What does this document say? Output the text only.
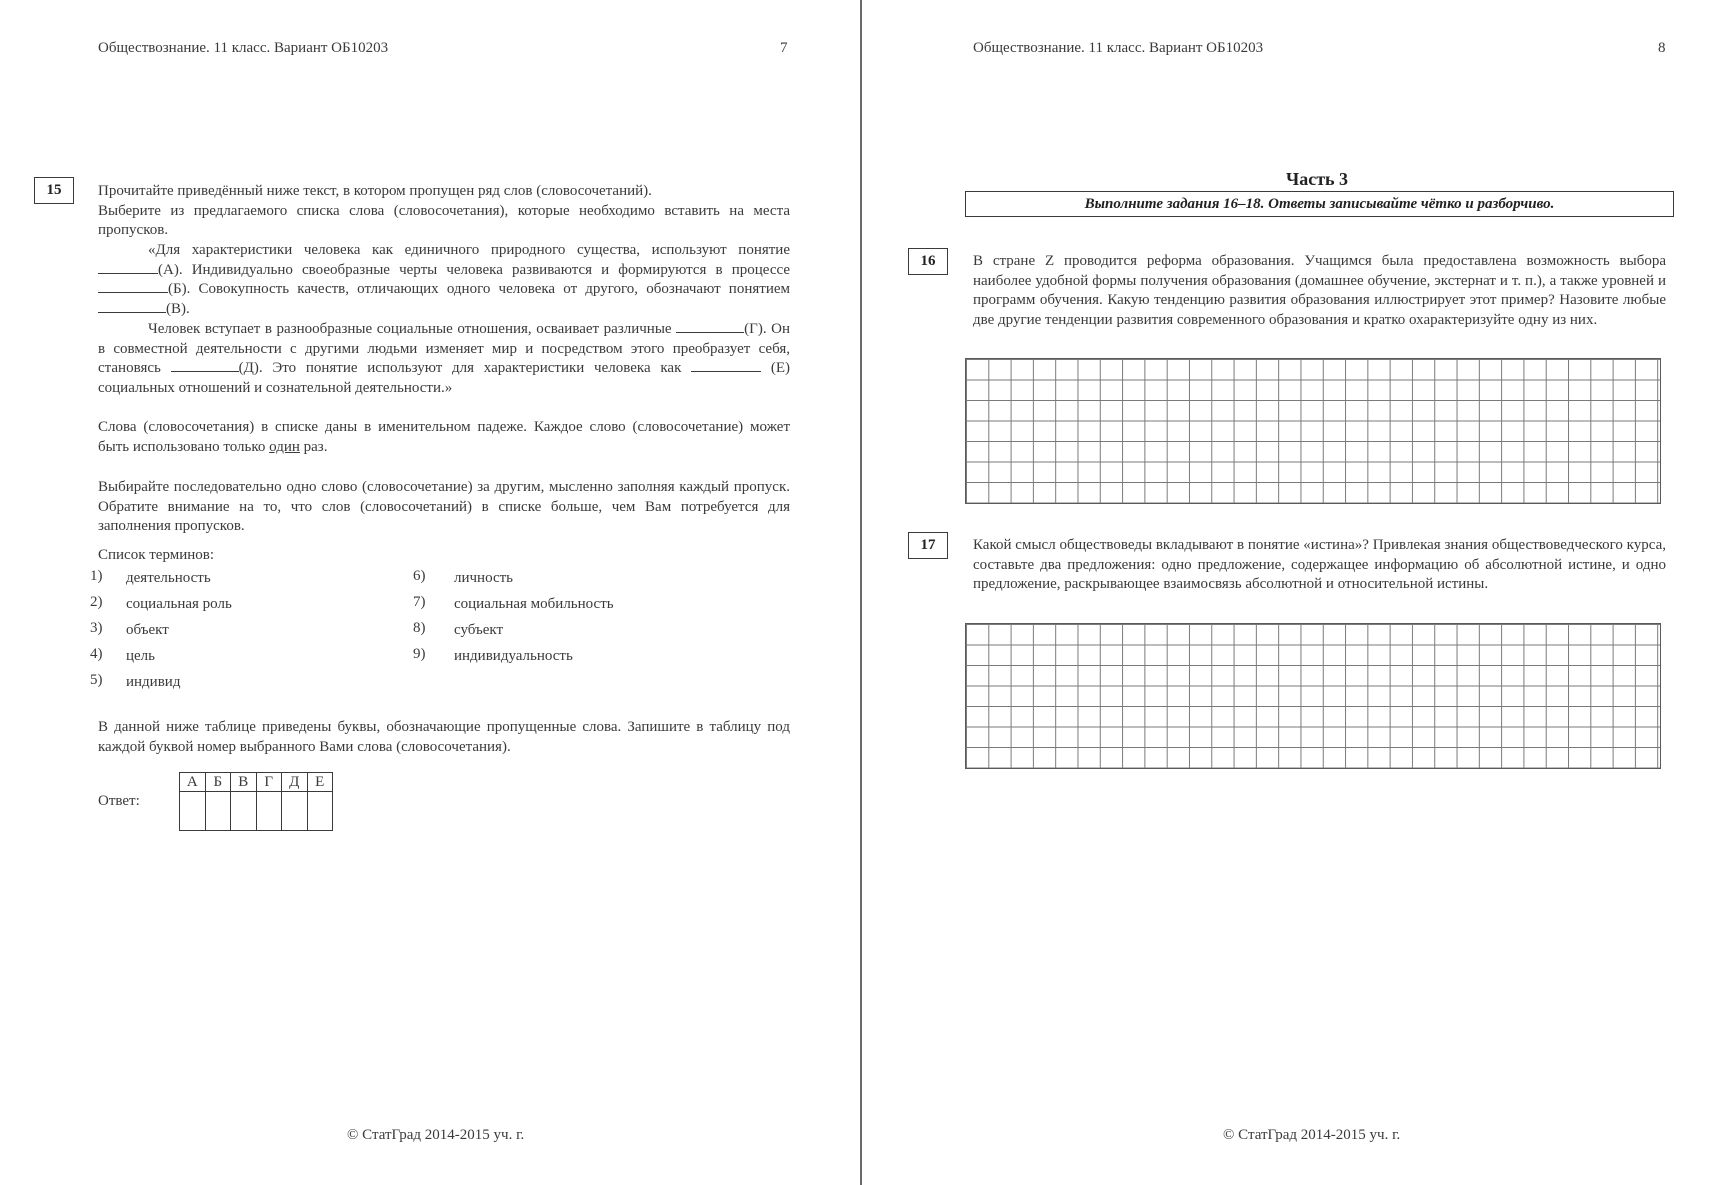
Обществознание. 11 класс. Вариант ОБ10203	7
15	Прочитайте приведённый ниже текст, в котором пропущен ряд слов (словосочетаний).

Выберите из предлагаемого списка слова (словосочетания), которые необходимо вставить на места пропусков.

«Для характеристики человека как единичного природного существа, используют понятие (А). Индивидуально своеобразные черты человека развиваются и формируются в процессе (Б). Совокупность качеств, отличающих одного человека от другого, обозначают понятием (В).

Человек вступает в разнообразные социальные отношения, осваивает различные	(Г). Он в совместной деятельности с другими людьми изменяет мир и посредством этого преобразует себя, становясь	(Д). Это понятие используют для характеристики человека как	(Е) социальных отношений и сознательной деятельности.»

Слова (словосочетания) в списке даны в именительном падеже. Каждое слово (словосочетание) может быть использовано только один раз.

Выбирайте последовательно одно слово (словосочетание) за другим, мысленно заполняя каждый пропуск. Обратите внимание на то, что слов (словосочетаний) в списке больше, чем Вам потребуется для заполнения пропусков.
Список терминов:
1) деятельность
2) социальная роль
3) объект
4) цель
5) индивид
6) личность
7) социальная мобильность
8) субъект
9) индивидуальность
В данной ниже таблице приведены буквы, обозначающие пропущенные слова. Запишите в таблицу под каждой буквой номер выбранного Вами слова (словосочетания).
Ответ:
А	Б	В	Г	Д	Е

© СтатГрад 2014-2015 уч. г.
Обществознание. 11 класс. Вариант ОБ10203	8
Часть 3
Выполните задания 16–18. Ответы записывайте чётко и разборчиво.
16	В стране Z проводится реформа образования. Учащимся была предоставлена возможность выбора наиболее удобной формы получения образования (домашнее обучение, экстернат и т. п.), а также уровней и программ обучения. Какую тенденцию развития образования иллюстрирует этот пример? Назовите любые две другие тенденции развития современного образования и кратко охарактеризуйте одну из них.
17	Какой смысл обществоведы вкладывают в понятие «истина»? Привлекая знания обществоведческого курса, составьте два предложения: одно предложение, содержащее информацию об абсолютной истине, и одно предложение, раскрывающее взаимосвязь абсолютной и относительной истины.
© СтатГрад 2014-2015 уч. г.
